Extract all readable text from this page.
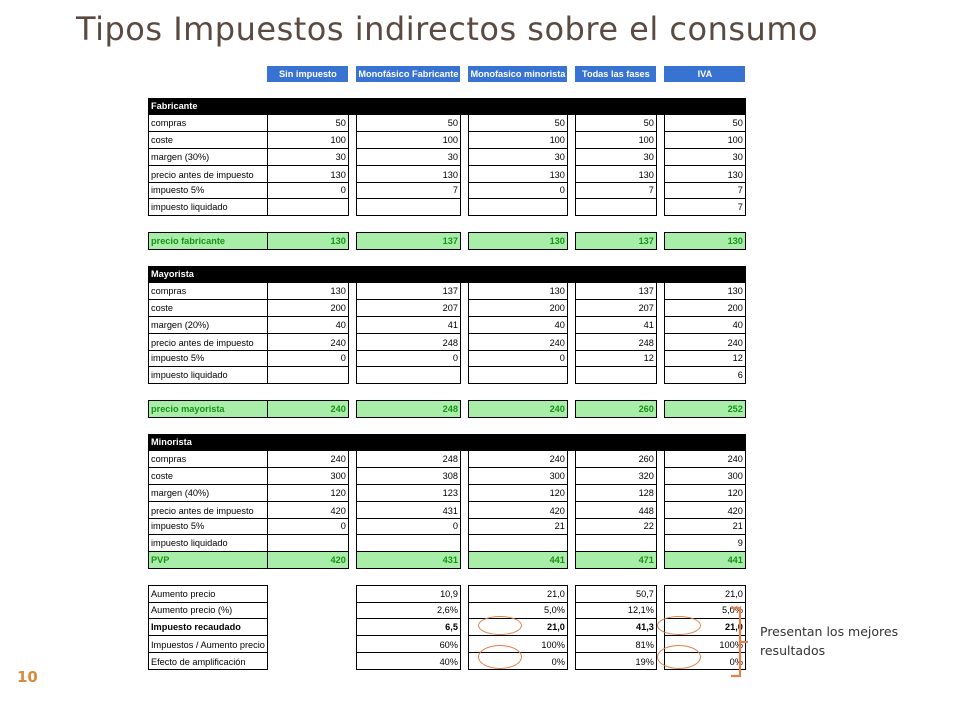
Tipos Impuestos indirectos sobre el consumo
	Sin impuesto		Monofásico Fabricante		Monofasico minorista		Todas las fases		IVA

Fabricante									
compras	50		50		50		50		50
coste	100		100		100		100		100
margen (30%)	30		30		30		30		30
precio antes de impuesto	130		130		130		130		130
impuesto 5%	0		7		0		7		7
impuesto liquidado									7

precio fabricante	130		137		130		137		130

Mayorista									
compras	130		137		130		137		130
coste	200		207		200		207		200
margen (20%)	40		41		40		41		40
precio antes de impuesto	240		248		240		248		240
impuesto 5%	0		0		0		12		12
impuesto liquidado									6

precio mayorista	240		248		240		260		252

Minorista									
compras	240		248		240		260		240
coste	300		308		300		320		300
margen (40%)	120		123		120		128		120
precio antes de impuesto	420		431		420		448		420
impuesto 5%	0		0		21		22		21
impuesto liquidado									9
PVP	420		431		441		471		441

Aumento precio			10,9		21,0		50,7		21,0
Aumento precio (%)			2,6%		5,0%		12,1%		5,0%
Impuesto recaudado			6,5		21,0		41,3		21,0
Impuestos / Aumento precio			60%		100%		81%		100%
Efecto de amplificación			40%		0%		19%		0%
Presentan los mejores resultados
10
